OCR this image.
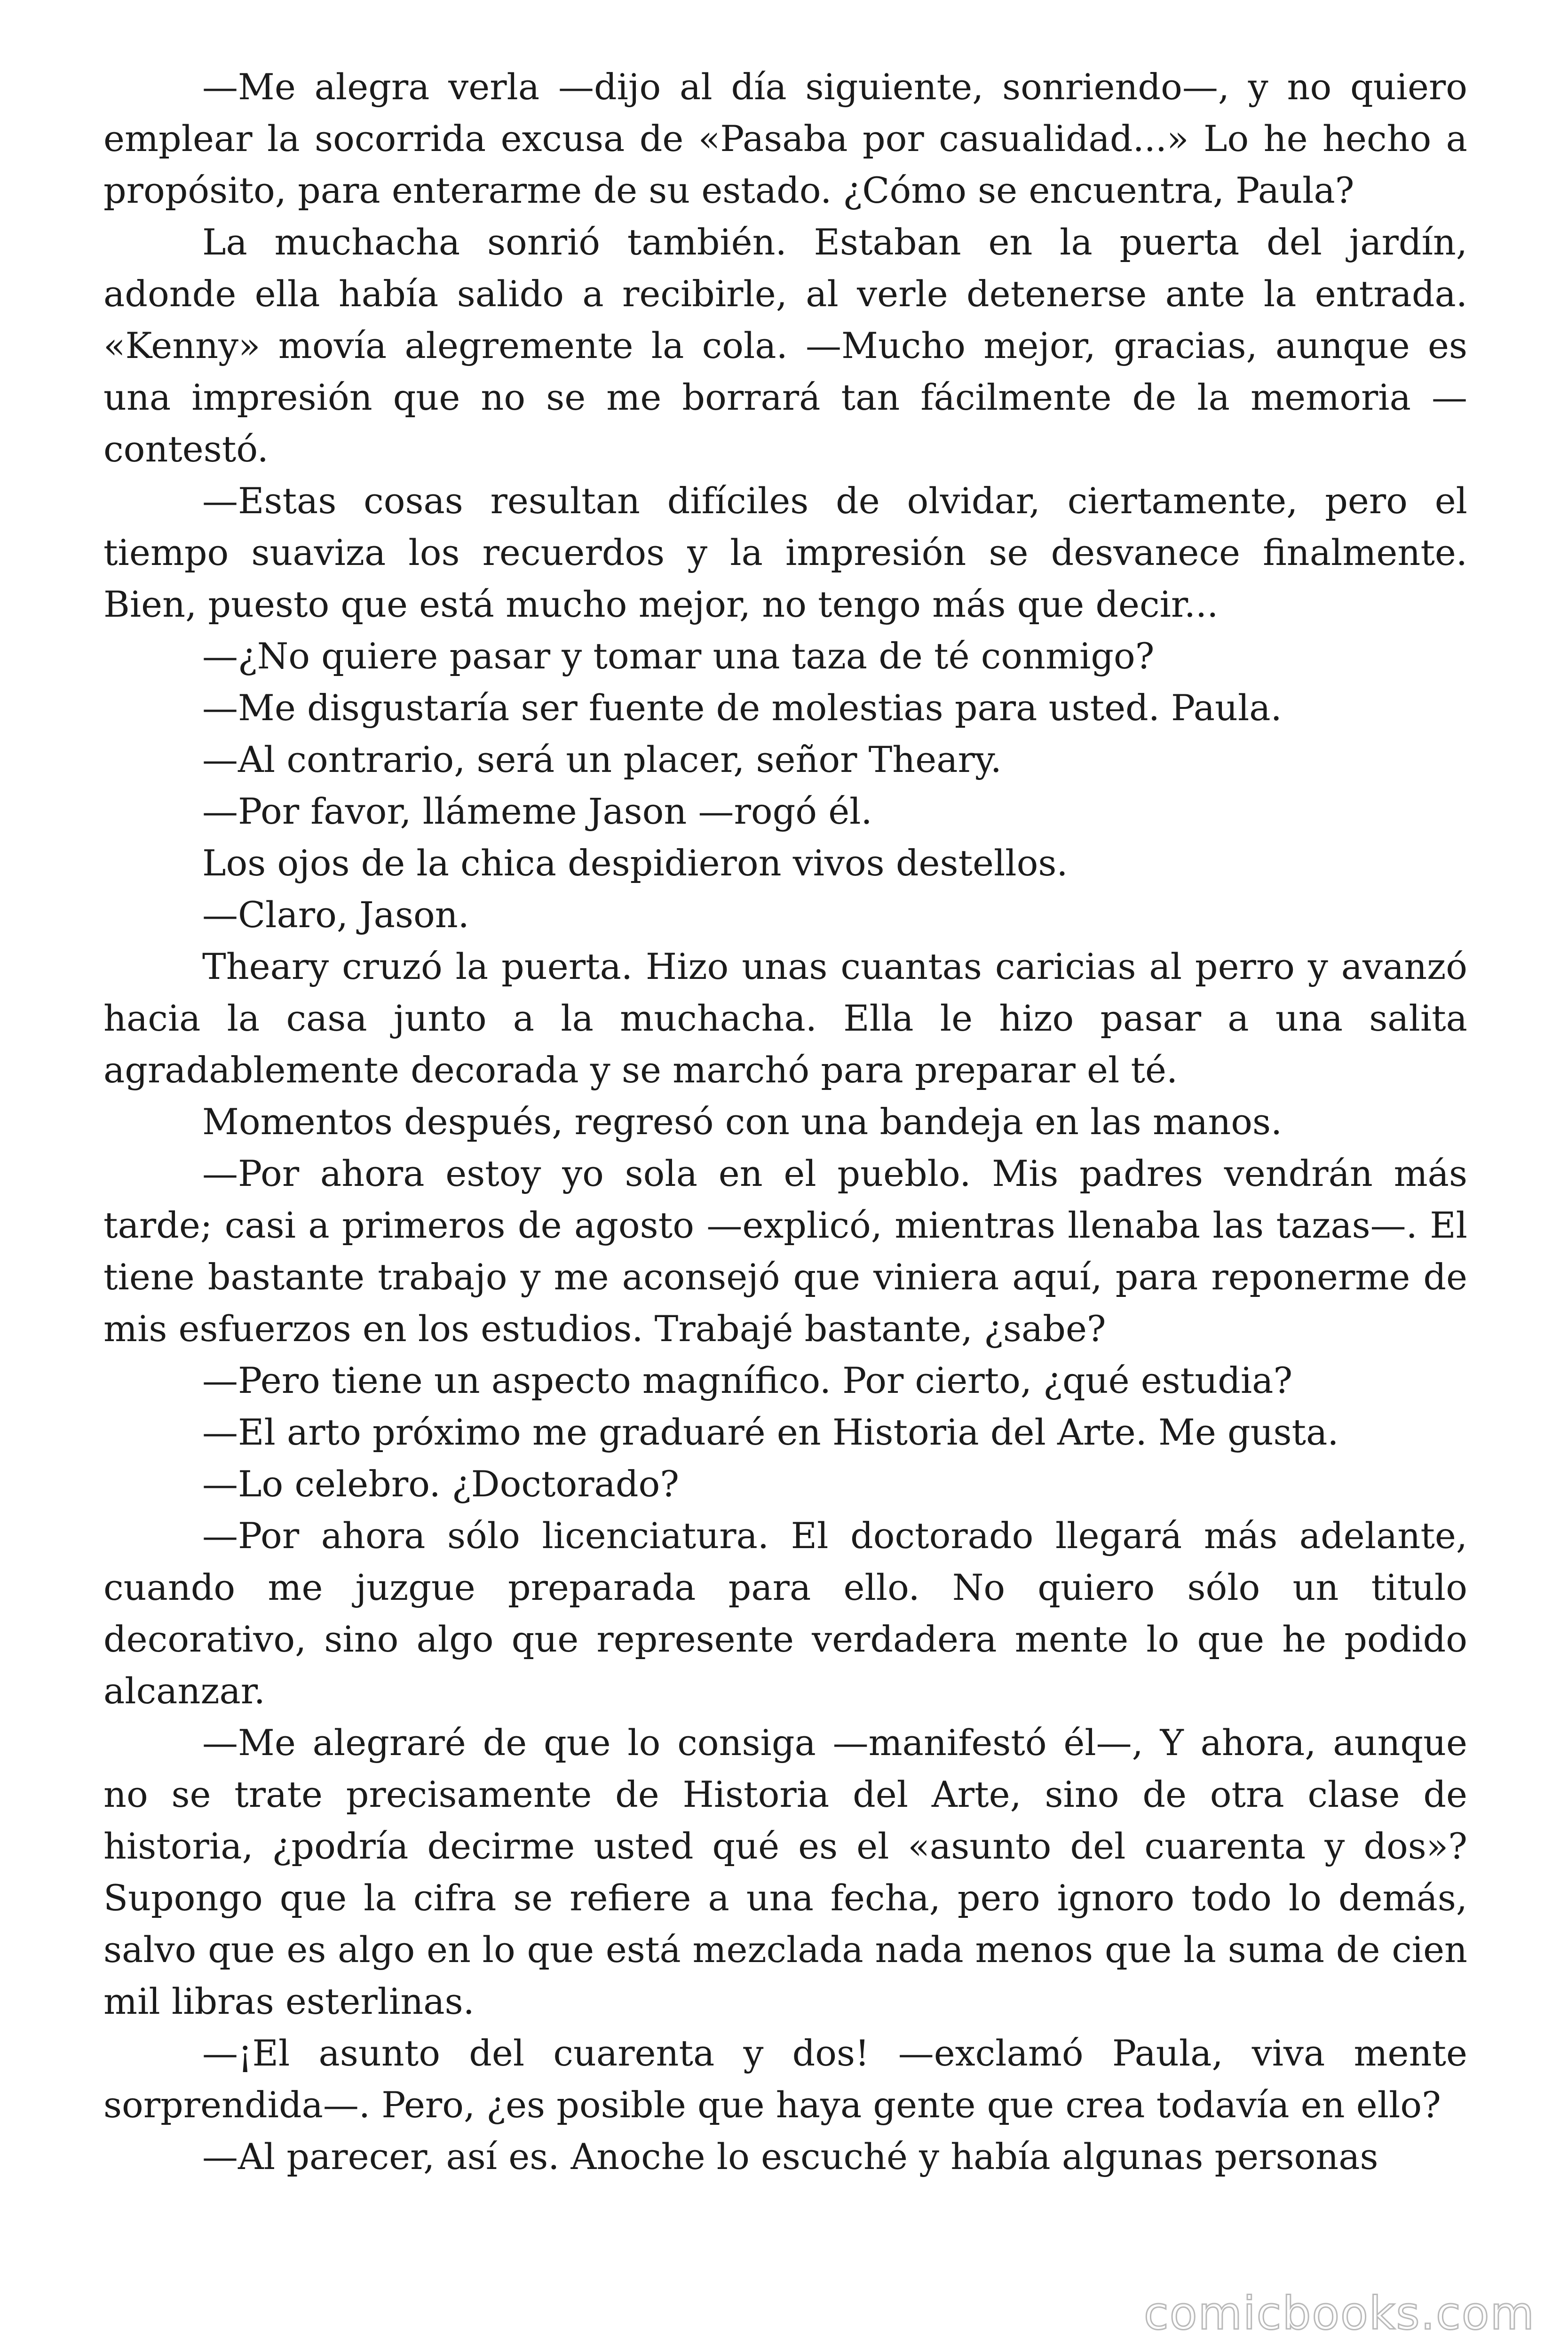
—Me alegra verla —dijo al día siguiente, sonriendo—, y no quiero emplear la socorrida excusa de «Pasaba por casualidad...» Lo he hecho a propósito, para enterarme de su estado. ¿Cómo se encuentra, Paula?

La muchacha sonrió también. Estaban en la puerta del jardín, adonde ella había salido a recibirle, al verle detenerse ante la entrada. «Kenny» movía alegremente la cola. —Mucho mejor, gracias, aunque es una impresión que no se me borrará tan fácilmente de la memoria —contestó.

—Estas cosas resultan difíciles de olvidar, ciertamente, pero el tiempo suaviza los recuerdos y la impresión se desvanece finalmente. Bien, puesto que está mucho mejor, no tengo más que decir...

—¿No quiere pasar y tomar una taza de té conmigo?

—Me disgustaría ser fuente de molestias para usted. Paula.

—Al contrario, será un placer, señor Theary.

—Por favor, llámeme Jason —rogó él.

Los ojos de la chica despidieron vivos destellos.

—Claro, Jason.

Theary cruzó la puerta. Hizo unas cuantas caricias al perro y avanzó hacia la casa junto a la muchacha. Ella le hizo pasar a una salita agradablemente decorada y se marchó para preparar el té.

Momentos después, regresó con una bandeja en las manos.

—Por ahora estoy yo sola en el pueblo. Mis padres vendrán más tarde; casi a primeros de agosto —explicó, mientras llenaba las tazas—. El tiene bastante trabajo y me aconsejó que viniera aquí, para reponerme de mis esfuerzos en los estudios. Trabajé bastante, ¿sabe?

—Pero tiene un aspecto magnífico. Por cierto, ¿qué estudia?

—El arto próximo me graduaré en Historia del Arte. Me gusta.

—Lo celebro. ¿Doctorado?

—Por ahora sólo licenciatura. El doctorado llegará más adelante, cuando me juzgue preparada para ello. No quiero sólo un titulo decorativo, sino algo que represente verdadera mente lo que he podido alcanzar.

—Me alegraré de que lo consiga —manifestó él—, Y ahora, aunque no se trate precisamente de Historia del Arte, sino de otra clase de historia, ¿podría decirme usted qué es el «asunto del cuarenta y dos»? Supongo que la cifra se refiere a una fecha, pero ignoro todo lo demás, salvo que es algo en lo que está mezclada nada menos que la suma de cien mil libras esterlinas.

—¡El asunto del cuarenta y dos! —exclamó Paula, viva mente sorprendida—. Pero, ¿es posible que haya gente que crea todavía en ello?

—Al parecer, así es. Anoche lo escuché y había algunas personas

comicbooks.com
